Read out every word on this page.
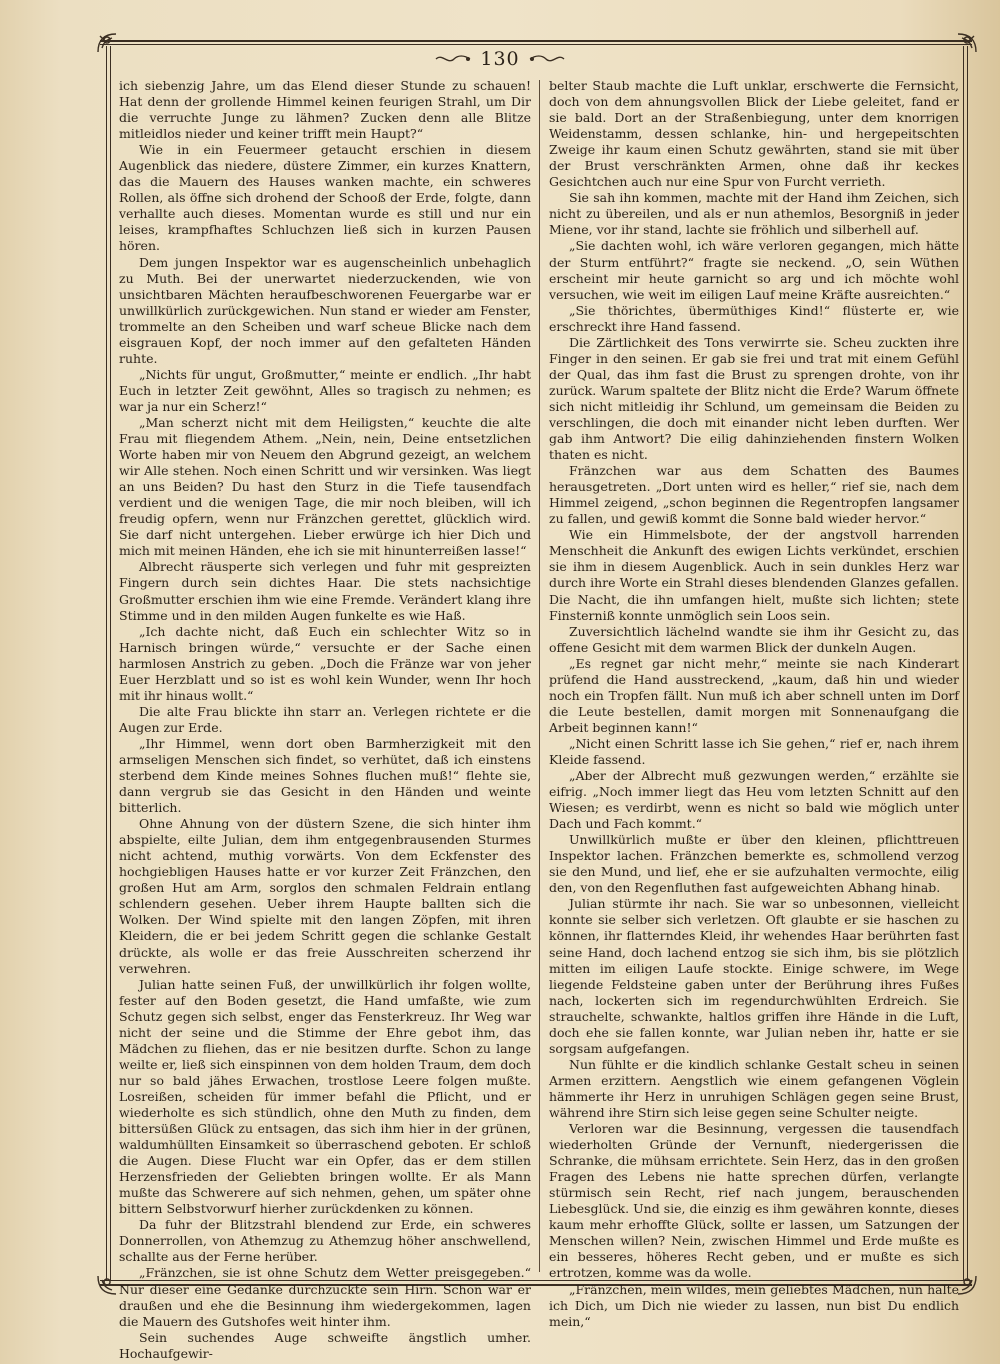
130

ich siebenzig Jahre, um das Elend dieser Stunde zu schauen! Hat denn der grollende Himmel keinen feurigen Strahl, um Dir die verruchte Junge zu lähmen? Zucken denn alle Blitze mitleidlos nieder und keiner trifft mein Haupt?“

Wie in ein Feuermeer getaucht erschien in diesem Augenblick das niedere, düstere Zimmer, ein kurzes Knattern, das die Mauern des Hauses wanken machte, ein schweres Rollen, als öffne sich drohend der Schooß der Erde, folgte, dann verhallte auch dieses. Momentan wurde es still und nur ein leises, krampfhaftes Schluchzen ließ sich in kurzen Pausen hören.

Dem jungen Inspektor war es augenscheinlich unbehaglich zu Muth. Bei der unerwartet niederzuckenden, wie von unsichtbaren Mächten heraufbeschworenen Feuergarbe war er unwillkürlich zurückgewichen. Nun stand er wieder am Fenster, trommelte an den Scheiben und warf scheue Blicke nach dem eisgrauen Kopf, der noch immer auf den gefalteten Händen ruhte.

„Nichts für ungut, Großmutter,“ meinte er endlich. „Ihr habt Euch in letzter Zeit gewöhnt, Alles so tragisch zu nehmen; es war ja nur ein Scherz!“

„Man scherzt nicht mit dem Heiligsten,“ keuchte die alte Frau mit fliegendem Athem. „Nein, nein, Deine entsetzlichen Worte haben mir von Neuem den Abgrund gezeigt, an welchem wir Alle stehen. Noch einen Schritt und wir versinken. Was liegt an uns Beiden? Du hast den Sturz in die Tiefe tausendfach verdient und die wenigen Tage, die mir noch bleiben, will ich freudig opfern, wenn nur Fränzchen gerettet, glücklich wird. Sie darf nicht untergehen. Lieber erwürge ich hier Dich und mich mit meinen Händen, ehe ich sie mit hinunterreißen lasse!“

Albrecht räusperte sich verlegen und fuhr mit gespreizten Fingern durch sein dichtes Haar. Die stets nachsichtige Großmutter erschien ihm wie eine Fremde. Verändert klang ihre Stimme und in den milden Augen funkelte es wie Haß.

„Ich dachte nicht, daß Euch ein schlechter Witz so in Harnisch bringen würde,“ versuchte er der Sache einen harmlosen Anstrich zu geben. „Doch die Fränze war von jeher Euer Herzblatt und so ist es wohl kein Wunder, wenn Ihr hoch mit ihr hinaus wollt.“

Die alte Frau blickte ihn starr an. Verlegen richtete er die Augen zur Erde.

„Ihr Himmel, wenn dort oben Barmherzigkeit mit den armseligen Menschen sich findet, so verhütet, daß ich einstens sterbend dem Kinde meines Sohnes fluchen muß!“ flehte sie, dann vergrub sie das Gesicht in den Händen und weinte bitterlich.

Ohne Ahnung von der düstern Szene, die sich hinter ihm abspielte, eilte Julian, dem ihm entgegenbrausenden Sturmes nicht achtend, muthig vorwärts. Von dem Eckfenster des hochgiebligen Hauses hatte er vor kurzer Zeit Fränzchen, den großen Hut am Arm, sorglos den schmalen Feldrain entlang schlendern gesehen. Ueber ihrem Haupte ballten sich die Wolken. Der Wind spielte mit den langen Zöpfen, mit ihren Kleidern, die er bei jedem Schritt gegen die schlanke Gestalt drückte, als wolle er das freie Ausschreiten scherzend ihr verwehren.

Julian hatte seinen Fuß, der unwillkürlich ihr folgen wollte, fester auf den Boden gesetzt, die Hand umfaßte, wie zum Schutz gegen sich selbst, enger das Fensterkreuz. Ihr Weg war nicht der seine und die Stimme der Ehre gebot ihm, das Mädchen zu fliehen, das er nie besitzen durfte. Schon zu lange weilte er, ließ sich einspinnen von dem holden Traum, dem doch nur so bald jähes Erwachen, trostlose Leere folgen mußte. Losreißen, scheiden für immer befahl die Pflicht, und er wiederholte es sich stündlich, ohne den Muth zu finden, dem bittersüßen Glück zu entsagen, das sich ihm hier in der grünen, waldumhüllten Einsamkeit so überraschend geboten. Er schloß die Augen. Diese Flucht war ein Opfer, das er dem stillen Herzensfrieden der Geliebten bringen wollte. Er als Mann mußte das Schwerere auf sich nehmen, gehen, um später ohne bittern Selbstvorwurf hierher zurückdenken zu können.

Da fuhr der Blitzstrahl blendend zur Erde, ein schweres Donnerrollen, von Athemzug zu Athemzug höher anschwellend, schallte aus der Ferne herüber.

„Fränzchen, sie ist ohne Schutz dem Wetter preisgegeben.“ Nur dieser eine Gedanke durchzuckte sein Hirn. Schon war er draußen und ehe die Besinnung ihm wiedergekommen, lagen die Mauern des Gutshofes weit hinter ihm.

Sein suchendes Auge schweifte ängstlich umher. Hochaufgewir-

belter Staub machte die Luft unklar, erschwerte die Fernsicht, doch von dem ahnungsvollen Blick der Liebe geleitet, fand er sie bald. Dort an der Straßenbiegung, unter dem knorrigen Weidenstamm, dessen schlanke, hin- und hergepeitschten Zweige ihr kaum einen Schutz gewährten, stand sie mit über der Brust verschränkten Armen, ohne daß ihr keckes Gesichtchen auch nur eine Spur von Furcht verrieth.

Sie sah ihn kommen, machte mit der Hand ihm Zeichen, sich nicht zu übereilen, und als er nun athemlos, Besorgniß in jeder Miene, vor ihr stand, lachte sie fröhlich und silberhell auf.

„Sie dachten wohl, ich wäre verloren gegangen, mich hätte der Sturm entführt?“ fragte sie neckend. „O, sein Wüthen erscheint mir heute garnicht so arg und ich möchte wohl versuchen, wie weit im eiligen Lauf meine Kräfte ausreichten.“

„Sie thörichtes, übermüthiges Kind!“ flüsterte er, wie erschreckt ihre Hand fassend.

Die Zärtlichkeit des Tons verwirrte sie. Scheu zuckten ihre Finger in den seinen. Er gab sie frei und trat mit einem Gefühl der Qual, das ihm fast die Brust zu sprengen drohte, von ihr zurück. Warum spaltete der Blitz nicht die Erde? Warum öffnete sich nicht mitleidig ihr Schlund, um gemeinsam die Beiden zu verschlingen, die doch mit einander nicht leben durften. Wer gab ihm Antwort? Die eilig dahinziehenden finstern Wolken thaten es nicht.

Fränzchen war aus dem Schatten des Baumes herausgetreten. „Dort unten wird es heller,“ rief sie, nach dem Himmel zeigend, „schon beginnen die Regentropfen langsamer zu fallen, und gewiß kommt die Sonne bald wieder hervor.“

Wie ein Himmelsbote, der der angstvoll harrenden Menschheit die Ankunft des ewigen Lichts verkündet, erschien sie ihm in diesem Augenblick. Auch in sein dunkles Herz war durch ihre Worte ein Strahl dieses blendenden Glanzes gefallen. Die Nacht, die ihn umfangen hielt, mußte sich lichten; stete Finsterniß konnte unmöglich sein Loos sein.

Zuversichtlich lächelnd wandte sie ihm ihr Gesicht zu, das offene Gesicht mit dem warmen Blick der dunkeln Augen.

„Es regnet gar nicht mehr,“ meinte sie nach Kinderart prüfend die Hand ausstreckend, „kaum, daß hin und wieder noch ein Tropfen fällt. Nun muß ich aber schnell unten im Dorf die Leute bestellen, damit morgen mit Sonnenaufgang die Arbeit beginnen kann!“

„Nicht einen Schritt lasse ich Sie gehen,“ rief er, nach ihrem Kleide fassend.

„Aber der Albrecht muß gezwungen werden,“ erzählte sie eifrig. „Noch immer liegt das Heu vom letzten Schnitt auf den Wiesen; es verdirbt, wenn es nicht so bald wie möglich unter Dach und Fach kommt.“

Unwillkürlich mußte er über den kleinen, pflichttreuen Inspektor lachen. Fränzchen bemerkte es, schmollend verzog sie den Mund, und lief, ehe er sie aufzuhalten vermochte, eilig den, von den Regenfluthen fast aufgeweichten Abhang hinab.

Julian stürmte ihr nach. Sie war so unbesonnen, vielleicht konnte sie selber sich verletzen. Oft glaubte er sie haschen zu können, ihr flatterndes Kleid, ihr wehendes Haar berührten fast seine Hand, doch lachend entzog sie sich ihm, bis sie plötzlich mitten im eiligen Laufe stockte. Einige schwere, im Wege liegende Feldsteine gaben unter der Berührung ihres Fußes nach, lockerten sich im regendurchwühlten Erdreich. Sie strauchelte, schwankte, haltlos griffen ihre Hände in die Luft, doch ehe sie fallen konnte, war Julian neben ihr, hatte er sie sorgsam aufgefangen.

Nun fühlte er die kindlich schlanke Gestalt scheu in seinen Armen erzittern. Aengstlich wie einem gefangenen Vöglein hämmerte ihr Herz in unruhigen Schlägen gegen seine Brust, während ihre Stirn sich leise gegen seine Schulter neigte.

Verloren war die Besinnung, vergessen die tausendfach wiederholten Gründe der Vernunft, niedergerissen die Schranke, die mühsam errichtete. Sein Herz, das in den großen Fragen des Lebens nie hatte sprechen dürfen, verlangte stürmisch sein Recht, rief nach jungem, berauschenden Liebesglück. Und sie, die einzig es ihm gewähren konnte, dieses kaum mehr erhoffte Glück, sollte er lassen, um Satzungen der Menschen willen? Nein, zwischen Himmel und Erde mußte es ein besseres, höheres Recht geben, und er mußte es sich ertrotzen, komme was da wolle.

„Fränzchen, mein wildes, mein geliebtes Mädchen, nun halte ich Dich, um Dich nie wieder zu lassen, nun bist Du endlich mein,“
